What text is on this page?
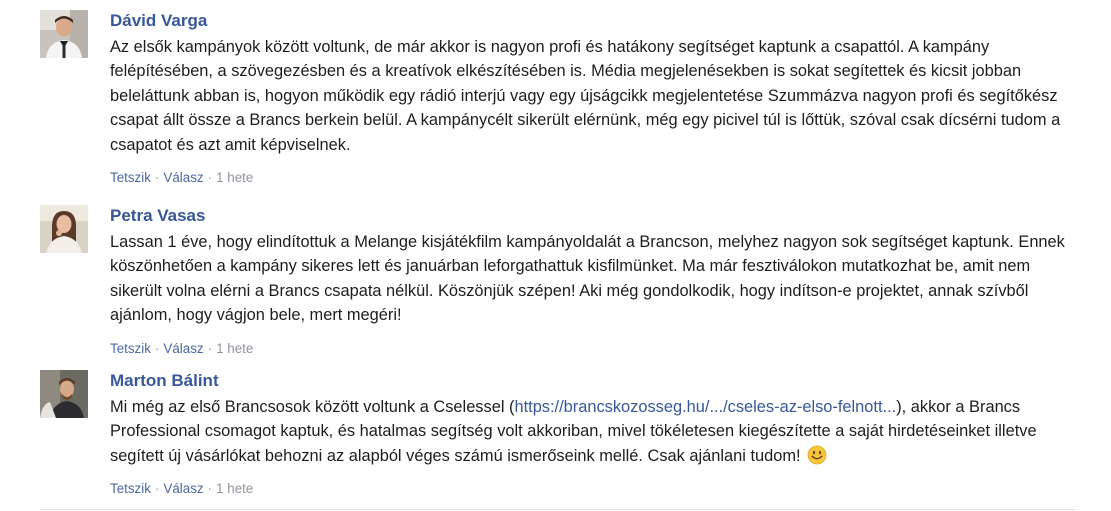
Dávid Varga
Az elsők kampányok között voltunk, de már akkor is nagyon profi és hatákony segítséget kaptunk a csapattól. A kampány felépítésében, a szövegezésben és a kreatívok elkészítésében is. Média megjelenésekben is sokat segítettek és kicsit jobban beleláttunk abban is, hogyon működik egy rádió interjú vagy egy újságcikk megjelentetése Szummázva nagyon profi és segítőkész csapat állt össze a Brancs berkein belül. A kampánycélt sikerült elérnünk, még egy picivel túl is lőttük, szóval csak dícsérni tudom a csapatot és azt amit képviselnek.
Tetszik · Válasz · 1 hete
Petra Vasas
Lassan 1 éve, hogy elindítottuk a Melange kisjátékfilm kampányoldalát a Brancson, melyhez nagyon sok segítséget kaptunk. Ennek köszönhetően a kampány sikeres lett és januárban leforgathattuk kisfilmünket. Ma már fesztiválokon mutatkozhat be, amit nem sikerült volna elérni a Brancs csapata nélkül. Köszönjük szépen! Aki még gondolkodik, hogy indítson-e projektet, annak szívből ajánlom, hogy vágjon bele, mert megéri!
Tetszik · Válasz · 1 hete
Marton Bálint
Mi még az első Brancsosok között voltunk a Cselessel (https://brancskozosseg.hu/.../cseles-az-elso-felnott...), akkor a Brancs Professional csomagot kaptuk, és hatalmas segítség volt akkoriban, mivel tökéletesen kiegészítette a saját hirdetéseinket illetve segített új vásárlókat behozni az alapból véges számú ismerőseink mellé. Csak ajánlani tudom!
Tetszik · Válasz · 1 hete
